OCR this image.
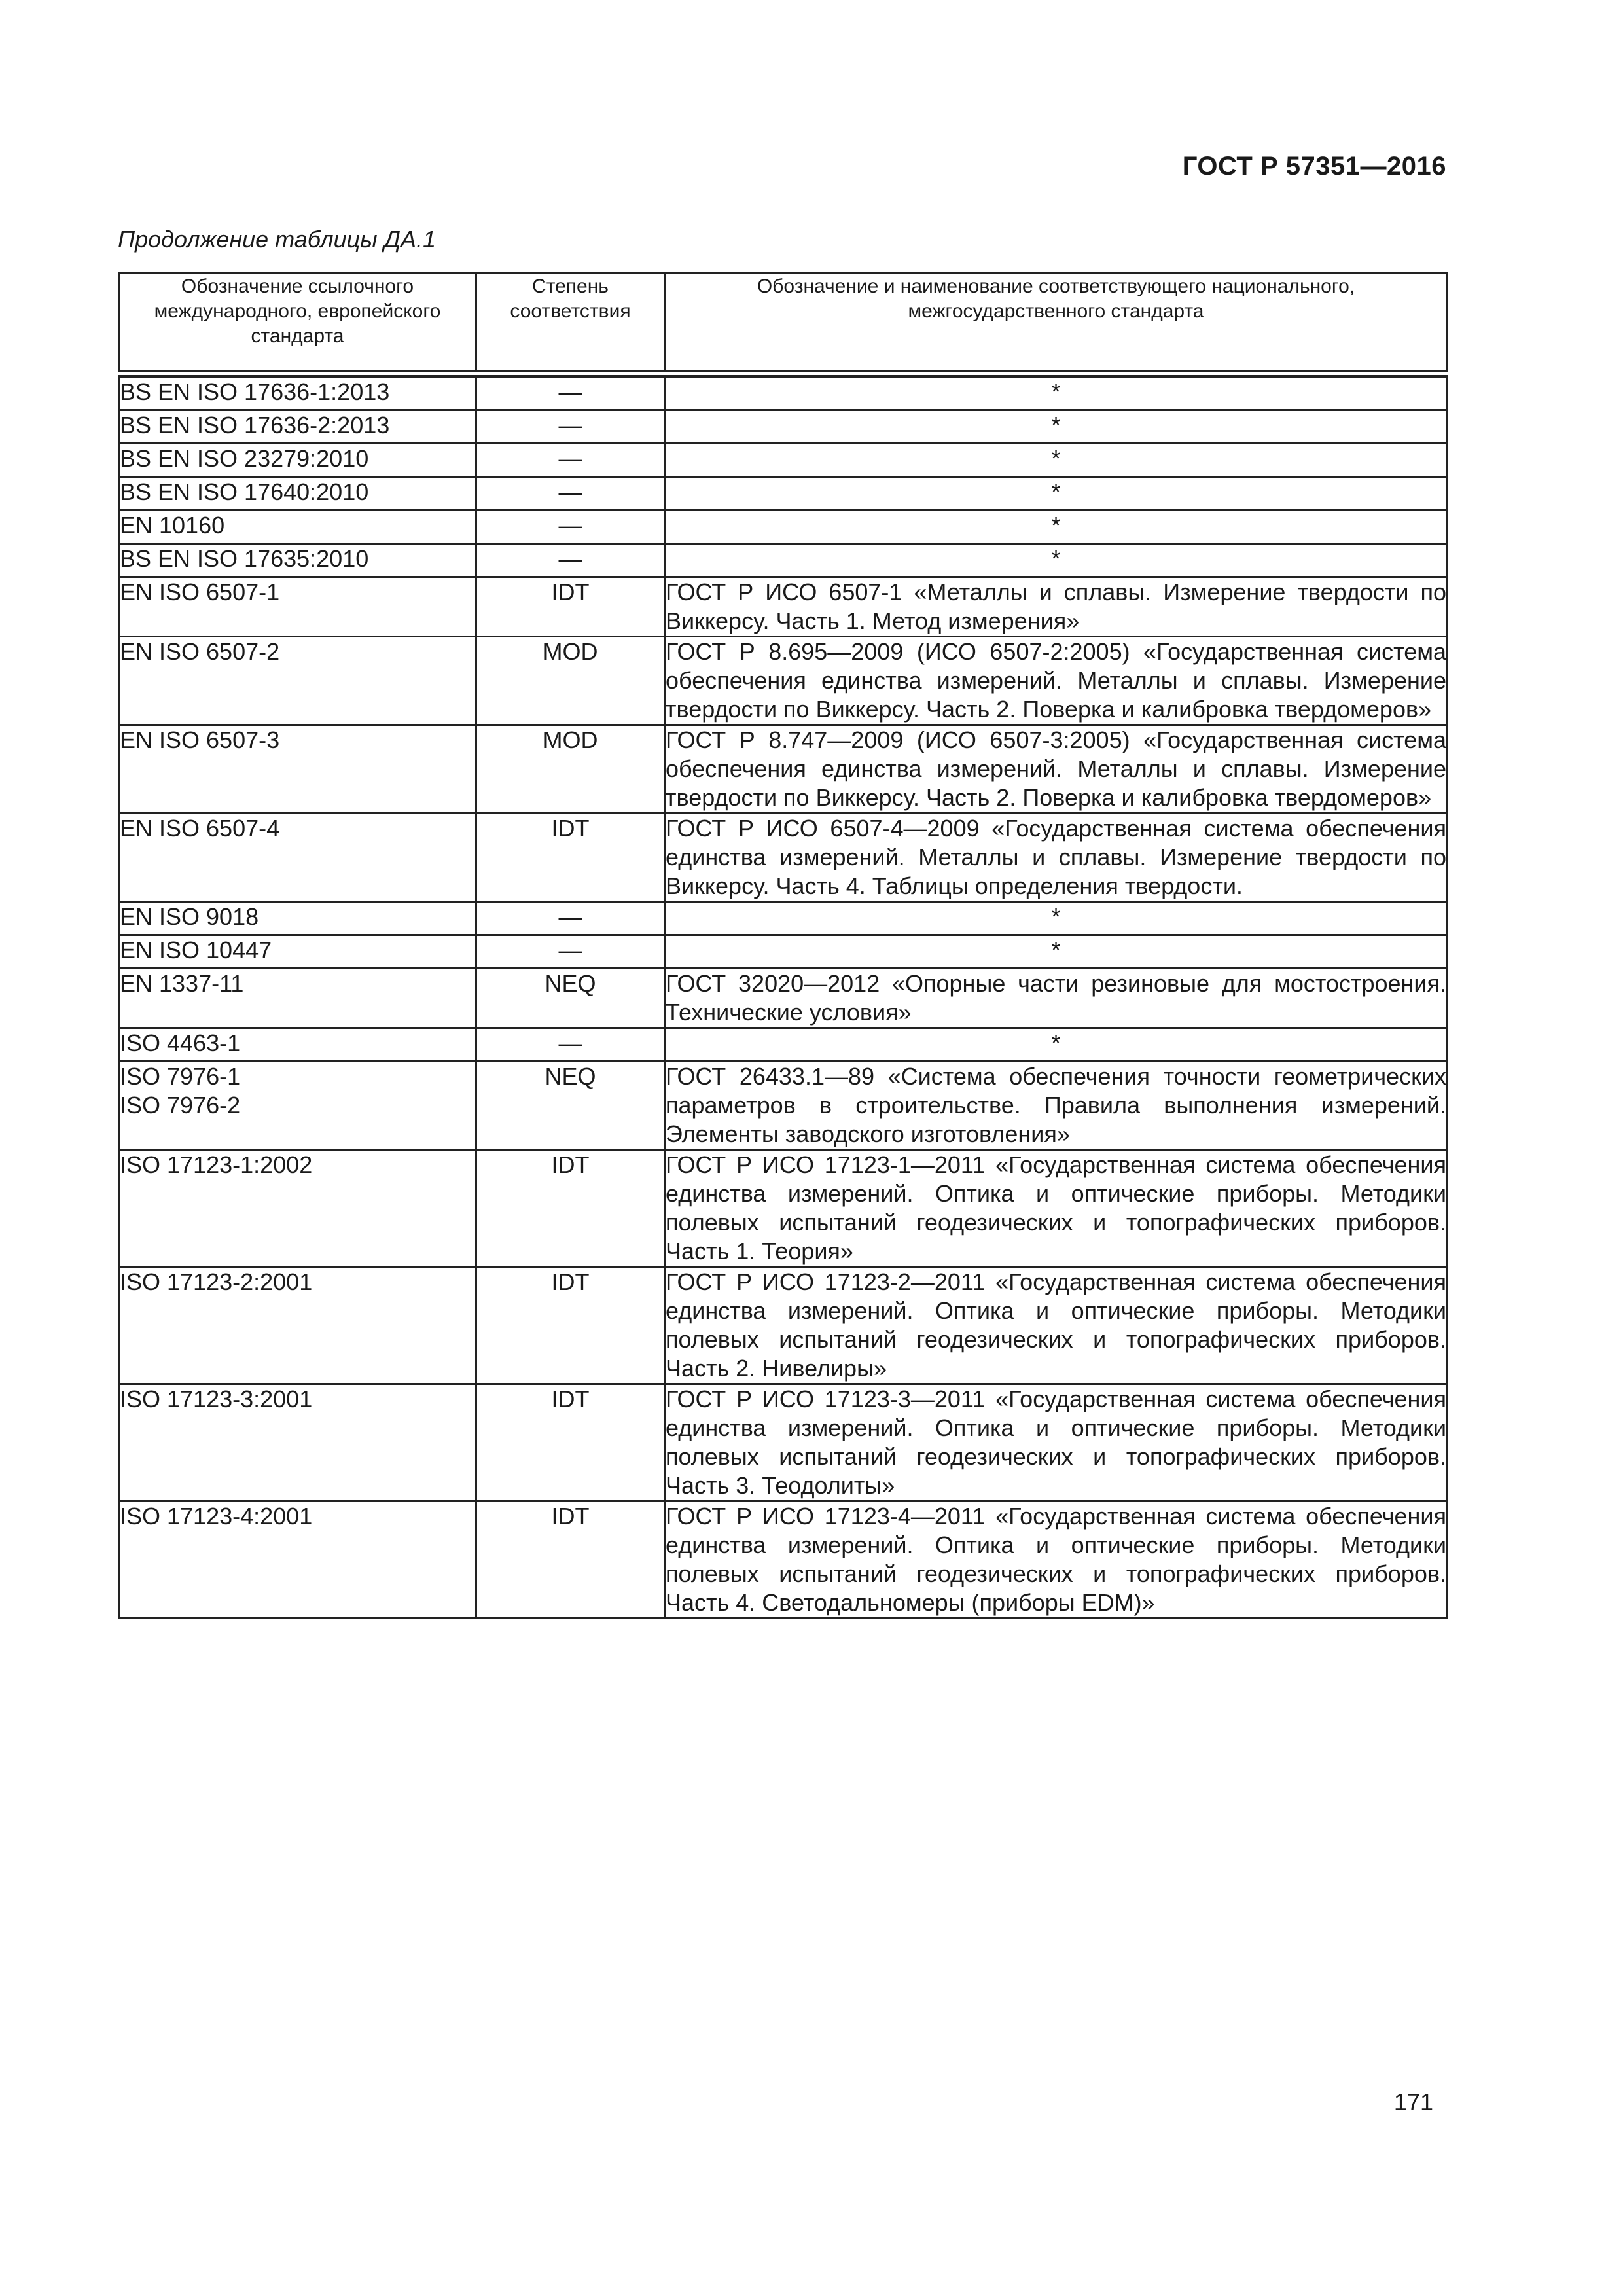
ГОСТ Р 57351—2016
Продолжение таблицы ДА.1
Обозначение ссылочного международного, европейского стандарта	Степень соответствия	Обозначение и наименование соответствующего национального, межгосударственного стандарта

BS EN ISO 17636-1:2013	—	*

BS EN ISO 17636-2:2013	—	*

BS EN ISO 23279:2010	—	*

BS EN ISO 17640:2010	—	*

EN 10160	—	*

BS EN ISO 17635:2010	—	*

EN ISO 6507-1	IDT	ГОСТ Р ИСО 6507-1 «Металлы и сплавы. Измерение твердости по Виккерсу. Часть 1. Метод измерения»

EN ISO 6507-2	MOD	ГОСТ Р 8.695—2009 (ИСО 6507-2:2005) «Государственная система обеспечения единства измерений. Металлы и сплавы. Измерение твердости по Виккерсу. Часть 2. Поверка и калибровка твердомеров»

EN ISO 6507-3	MOD	ГОСТ Р 8.747—2009 (ИСО 6507-3:2005) «Государственная система обеспечения единства измерений. Металлы и сплавы. Измерение твердости по Виккерсу. Часть 2. Поверка и калибровка твердомеров»

EN ISO 6507-4	IDT	ГОСТ Р ИСО 6507-4—2009 «Государственная система обеспечения единства измерений. Металлы и сплавы. Измерение твердости по Виккерсу. Часть 4. Таблицы определения твердости.

EN ISO 9018	—	*

EN ISO 10447	—	*

EN 1337-11	NEQ	ГОСТ 32020—2012 «Опорные части резиновые для мостостроения. Технические условия»

ISO 4463-1	—	*

ISO 7976-1
ISO 7976-2	NEQ	ГОСТ 26433.1—89 «Система обеспечения точности геометрических параметров в строительстве. Правила выполнения измерений. Элементы заводского изготовления»

ISO 17123-1:2002	IDT	ГОСТ Р ИСО 17123-1—2011 «Государственная система обеспечения единства измерений. Оптика и оптические приборы. Методики полевых испытаний геодезических и топографических приборов. Часть 1. Теория»

ISO 17123-2:2001	IDT	ГОСТ Р ИСО 17123-2—2011 «Государственная система обеспечения единства измерений. Оптика и оптические приборы. Методики полевых испытаний геодезических и топографических приборов. Часть 2. Нивелиры»

ISO 17123-3:2001	IDT	ГОСТ Р ИСО 17123-3—2011 «Государственная система обеспечения единства измерений. Оптика и оптические приборы. Методики полевых испытаний геодезических и топографических приборов. Часть 3. Теодолиты»

ISO 17123-4:2001	IDT	ГОСТ Р ИСО 17123-4—2011 «Государственная система обеспечения единства измерений. Оптика и оптические приборы. Методики полевых испытаний геодезических и топографических приборов. Часть 4. Светодальномеры (приборы EDM)»
171
